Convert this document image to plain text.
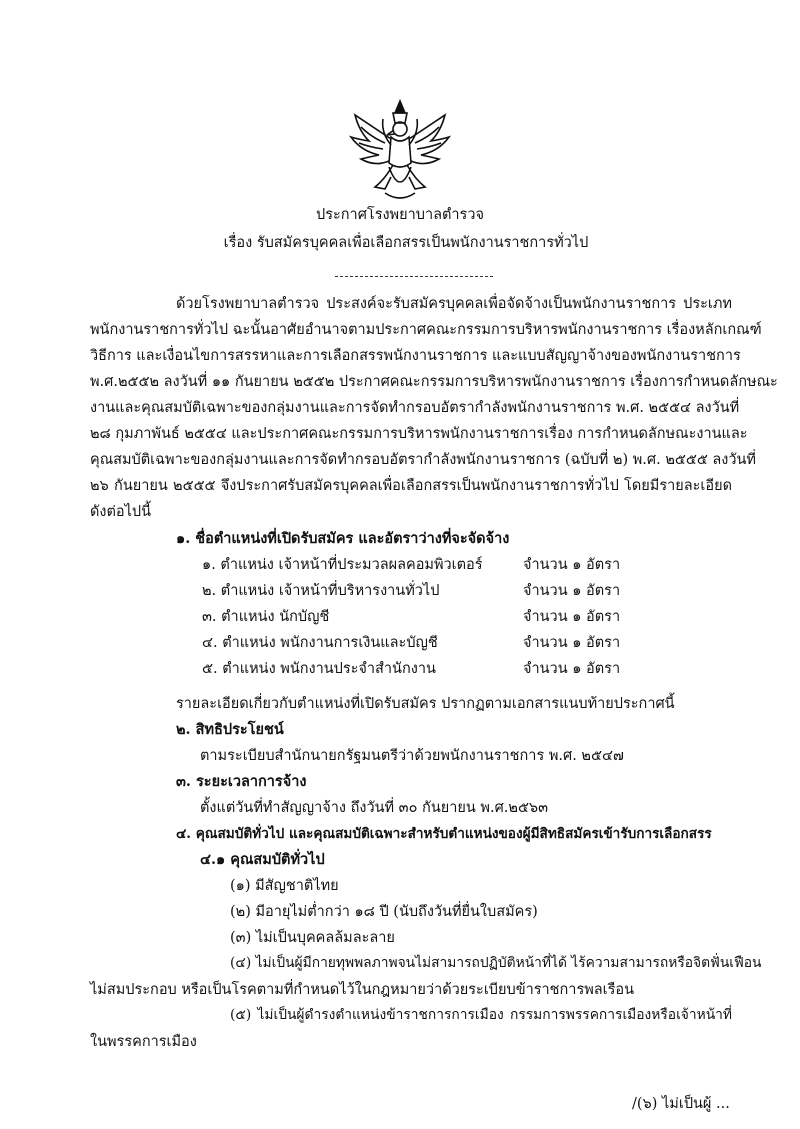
ประกาศโรงพยาบาลตำรวจ
เรื่อง รับสมัครบุคคลเพื่อเลือกสรรเป็นพนักงานราชการทั่วไป
ด้วยโรงพยาบาลตำรวจ ประสงค์จะรับสมัครบุคคลเพื่อจัดจ้างเป็นพนักงานราชการ ประเภท
พนักงานราชการทั่วไป ฉะนั้นอาศัยอำนาจตามประกาศคณะกรรมการบริหารพนักงานราชการ เรื่องหลักเกณฑ์
วิธีการ และเงื่อนไขการสรรหาและการเลือกสรรพนักงานราชการ และแบบสัญญาจ้างของพนักงานราชการ
พ.ศ.๒๕๕๒ ลงวันที่ ๑๑ กันยายน ๒๕๕๒ ประกาศคณะกรรมการบริหารพนักงานราชการ เรื่องการกำหนดลักษณะ
งานและคุณสมบัติเฉพาะของกลุ่มงานและการจัดทำกรอบอัตรากำลังพนักงานราชการ พ.ศ. ๒๕๕๔ ลงวันที่
๒๘ กุมภาพันธ์ ๒๕๕๔ และประกาศคณะกรรมการบริหารพนักงานราชการเรื่อง การกำหนดลักษณะงานและ
คุณสมบัติเฉพาะของกลุ่มงานและการจัดทำกรอบอัตรากำลังพนักงานราชการ (ฉบับที่ ๒) พ.ศ. ๒๕๕๕ ลงวันที่
๒๖ กันยายน ๒๕๕๕ จึงประกาศรับสมัครบุคคลเพื่อเลือกสรรเป็นพนักงานราชการทั่วไป โดยมีรายละเอียด
ดังต่อไปนี้
๑. ชื่อตำแหน่งที่เปิดรับสมัคร และอัตราว่างที่จะจัดจ้าง
๑. ตำแหน่ง เจ้าหน้าที่ประมวลผลคอมพิวเตอร์	จำนวน ๑ อัตรา
๒. ตำแหน่ง เจ้าหน้าที่บริหารงานทั่วไป	จำนวน ๑ อัตรา
๓. ตำแหน่ง นักบัญชี	จำนวน ๑ อัตรา
๔. ตำแหน่ง พนักงานการเงินและบัญชี	จำนวน ๑ อัตรา
๕. ตำแหน่ง พนักงานประจำสำนักงาน	จำนวน ๑ อัตรา
รายละเอียดเกี่ยวกับตำแหน่งที่เปิดรับสมัคร ปรากฏตามเอกสารแนบท้ายประกาศนี้
๒. สิทธิประโยชน์
ตามระเบียบสำนักนายกรัฐมนตรีว่าด้วยพนักงานราชการ พ.ศ. ๒๕๔๗
๓. ระยะเวลาการจ้าง
ตั้งแต่วันที่ทำสัญญาจ้าง ถึงวันที่ ๓๐ กันยายน พ.ศ.๒๕๖๓
๔. คุณสมบัติทั่วไป และคุณสมบัติเฉพาะสำหรับตำแหน่งของผู้มีสิทธิสมัครเข้ารับการเลือกสรร
๔.๑ คุณสมบัติทั่วไป
(๑) มีสัญชาติไทย
(๒) มีอายุไม่ต่ำกว่า ๑๘ ปี (นับถึงวันที่ยื่นใบสมัคร)
(๓) ไม่เป็นบุคคลล้มละลาย
(๔) ไม่เป็นผู้มีกายทุพพลภาพจนไม่สามารถปฏิบัติหน้าที่ได้ ไร้ความสามารถหรือจิตฟั่นเฟือน
ไม่สมประกอบ หรือเป็นโรคตามที่กำหนดไว้ในกฎหมายว่าด้วยระเบียบข้าราชการพลเรือน
(๕) ไม่เป็นผู้ดำรงตำแหน่งข้าราชการการเมือง กรรมการพรรคการเมืองหรือเจ้าหน้าที่
ในพรรคการเมือง
/(๖) ไม่เป็นผู้ ...
